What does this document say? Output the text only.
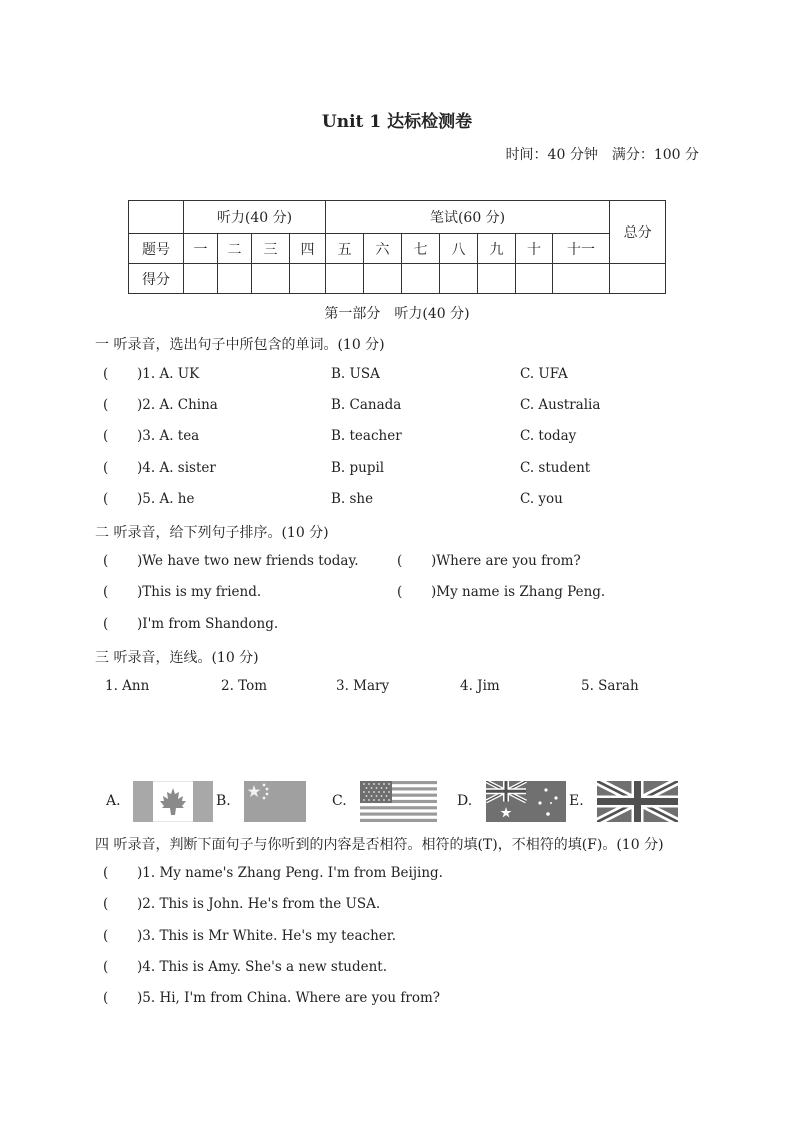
Unit 1 达标检测卷
时间：40 分钟　满分：100 分
	听力(40 分)				笔试(60 分)							总分
题号	一	二	三	四	五	六	七	八	九	十	十一	
得分												
第一部分　听力(40 分)
一 听录音，选出句子中所包含的单词。(10 分)
( )1. A. UK	B. USA	C. UFA
( )2. A. China	B. Canada	C. Australia
( )3. A. tea	B. teacher	C. today
( )4. A. sister	B. pupil	C. student
( )5. A. he	B. she	C. you
二 听录音，给下列句子排序。(10 分)
( )We have two new friends today.	( )Where are you from?
( )This is my friend.	( )My name is Zhang Peng.
( )I'm from Shandong.
三 听录音，连线。(10 分)
1. Ann	2. Tom	3. Mary	4. Jim	5. Sarah
A.	B.	C.	D.	E.
四 听录音，判断下面句子与你听到的内容是否相符。相符的填(T)，不相符的填(F)。(10 分)
( )1. My name's Zhang Peng. I'm from Beijing.
( )2. This is John. He's from the USA.
( )3. This is Mr White. He's my teacher.
( )4. This is Amy. She's a new student.
( )5. Hi, I'm from China. Where are you from?
